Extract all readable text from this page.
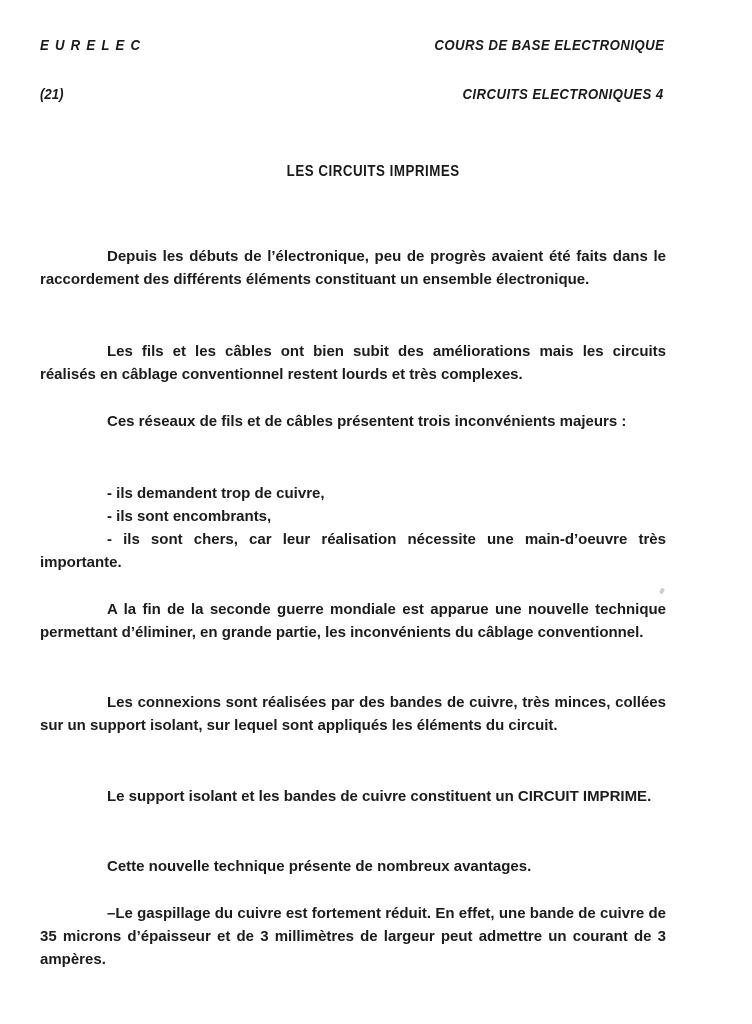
EURELEC	COURS DE BASE ELECTRONIQUE
(21)	CIRCUITS ELECTRONIQUES 4
LES CIRCUITS IMPRIMES

Depuis les débuts de l’électronique, peu de progrès avaient été faits dans le raccordement des différents éléments constituant un ensemble électronique.

Les fils et les câbles ont bien subit des améliorations mais les circuits réalisés en câblage conventionnel restent lourds et très complexes.

Ces réseaux de fils et de câbles présentent trois inconvénients majeurs :

- ils demandent trop de cuivre,
- ils sont encombrants,
- ils sont chers, car leur réalisation nécessite une main-d’oeuvre très importante.

A la fin de la seconde guerre mondiale est apparue une nouvelle technique permettant d’éliminer, en grande partie, les inconvénients du câblage conventionnel.

Les connexions sont réalisées par des bandes de cuivre, très minces, collées sur un support isolant, sur lequel sont appliqués les éléments du circuit.

Le support isolant et les bandes de cuivre constituent un CIRCUIT IMPRIME.

Cette nouvelle technique présente de nombreux avantages.

–Le gaspillage du cuivre est fortement réduit. En effet, une bande de cuivre de 35 microns d’épaisseur et de 3 millimètres de largeur peut admettre un courant de 3 ampères.
